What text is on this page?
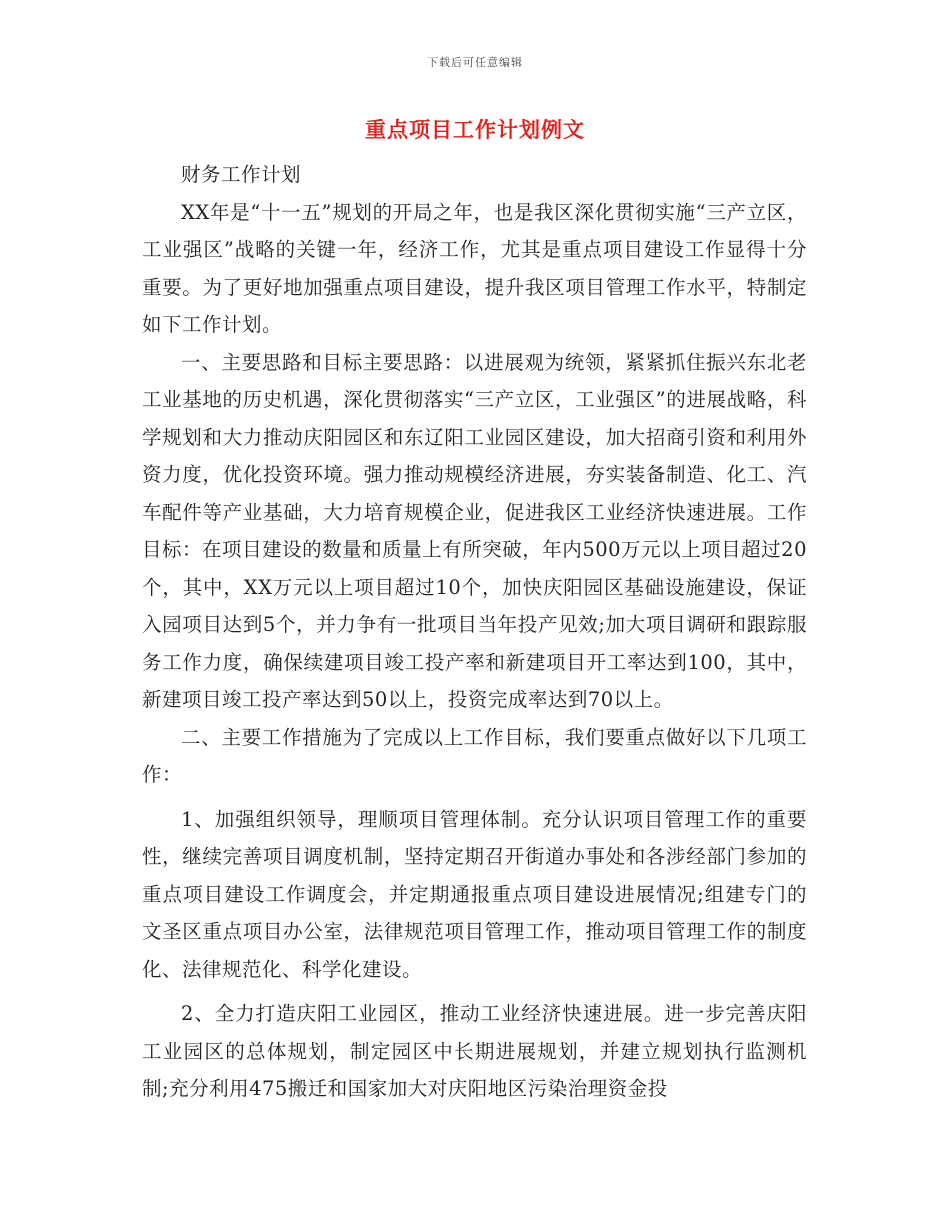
下载后可任意编辑
重点项目工作计划例文

财务工作计划

XX年是“十一五”规划的开局之年，也是我区深化贯彻实施“三产立区，工业强区”战略的关键一年，经济工作，尤其是重点项目建设工作显得十分重要。为了更好地加强重点项目建设，提升我区项目管理工作水平，特制定如下工作计划。

一、主要思路和目标主要思路：以进展观为统领，紧紧抓住振兴东北老工业基地的历史机遇，深化贯彻落实“三产立区，工业强区”的进展战略，科学规划和大力推动庆阳园区和东辽阳工业园区建设，加大招商引资和利用外资力度，优化投资环境。强力推动规模经济进展，夯实装备制造、化工、汽车配件等产业基础，大力培育规模企业，促进我区工业经济快速进展。工作目标：在项目建设的数量和质量上有所突破，年内500万元以上项目超过20个，其中，XX万元以上项目超过10个，加快庆阳园区基础设施建设，保证入园项目达到5个，并力争有一批项目当年投产见效;加大项目调研和跟踪服务工作力度，确保续建项目竣工投产率和新建项目开工率达到100，其中，新建项目竣工投产率达到50以上，投资完成率达到70以上。

二、主要工作措施为了完成以上工作目标，我们要重点做好以下几项工作：

1、加强组织领导，理顺项目管理体制。充分认识项目管理工作的重要性，继续完善项目调度机制，坚持定期召开街道办事处和各涉经部门参加的重点项目建设工作调度会，并定期通报重点项目建设进展情况;组建专门的文圣区重点项目办公室，法律规范项目管理工作，推动项目管理工作的制度化、法律规范化、科学化建设。

2、全力打造庆阳工业园区，推动工业经济快速进展。进一步完善庆阳工业园区的总体规划，制定园区中长期进展规划，并建立规划执行监测机制;充分利用475搬迁和国家加大对庆阳地区污染治理资金投
